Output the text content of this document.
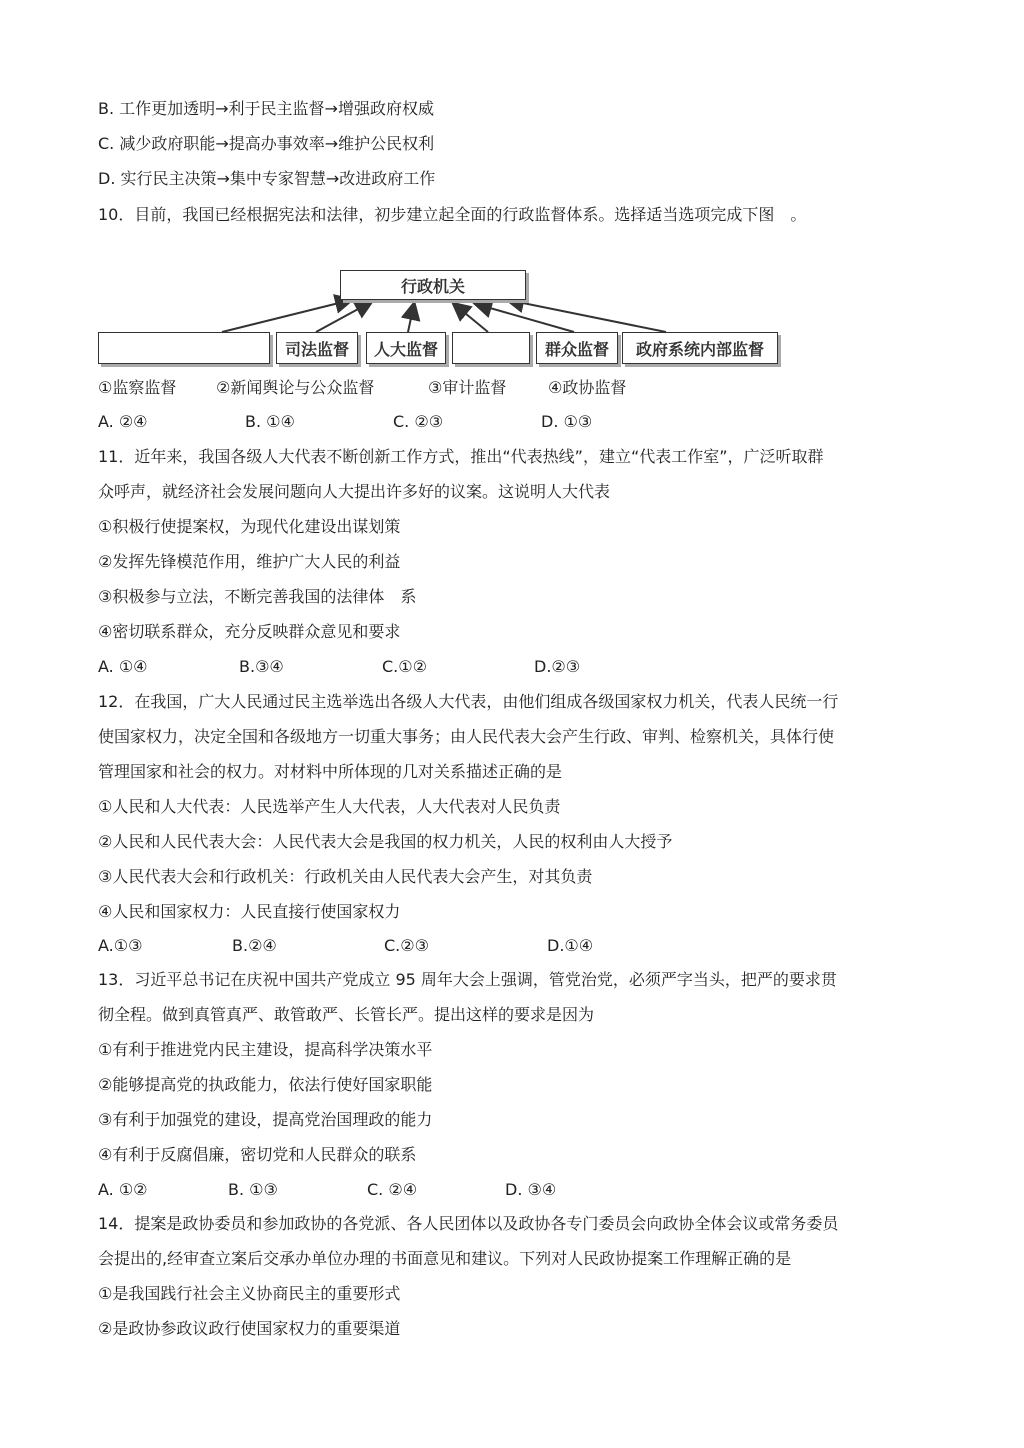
B. 工作更加透明→利于民主监督→增强政府权威
C. 减少政府职能→提高办事效率→维护公民权利
D. 实行民主决策→集中专家智慧→改进政府工作
10．目前，我国已经根据宪法和法律，初步建立起全面的行政监督体系。选择适当选项完成下图　。
行政机关
司法监督	人大监督	群众监督	政府系统内部监督
①监察监督 ②新闻舆论与公众监督	③审计监督	④政协监督
A. ②④	B. ①④	C. ②③	D. ①③
11．近年来，我国各级人大代表不断创新工作方式，推出“代表热线”，建立“代表工作室”，广泛听取群
众呼声，就经济社会发展问题向人大提出许多好的议案。这说明人大代表
①积极行使提案权，为现代化建设出谋划策
②发挥先锋模范作用，维护广大人民的利益
③积极参与立法，不断完善我国的法律体　系
④密切联系群众，充分反映群众意见和要求
A. ①④	B.③④	C.①②	D.②③
12．在我国，广大人民通过民主选举选出各级人大代表，由他们组成各级国家权力机关，代表人民统一行
使国家权力，决定全国和各级地方一切重大事务；由人民代表大会产生行政、审判、检察机关，具体行使
管理国家和社会的权力。对材料中所体现的几对关系描述正确的是
①人民和人大代表：人民选举产生人大代表，人大代表对人民负责
②人民和人民代表大会：人民代表大会是我国的权力机关，人民的权利由人大授予
③人民代表大会和行政机关：行政机关由人民代表大会产生，对其负责
④人民和国家权力：人民直接行使国家权力
A.①③	B.②④	C.②③	D.①④
13．习近平总书记在庆祝中国共产党成立 95 周年大会上强调，管党治党，必须严字当头，把严的要求贯
彻全程。做到真管真严、敢管敢严、长管长严。提出这样的要求是因为
①有利于推进党内民主建设，提高科学决策水平
②能够提高党的执政能力，依法行使好国家职能
③有利于加强党的建设，提高党治国理政的能力
④有利于反腐倡廉，密切党和人民群众的联系
A. ①②	B. ①③	C. ②④	D. ③④
14．提案是政协委员和参加政协的各党派、各人民团体以及政协各专门委员会向政协全体会议或常务委员
会提出的,经审查立案后交承办单位办理的书面意见和建议。下列对人民政协提案工作理解正确的是
①是我国践行社会主义协商民主的重要形式
②是政协参政议政行使国家权力的重要渠道
